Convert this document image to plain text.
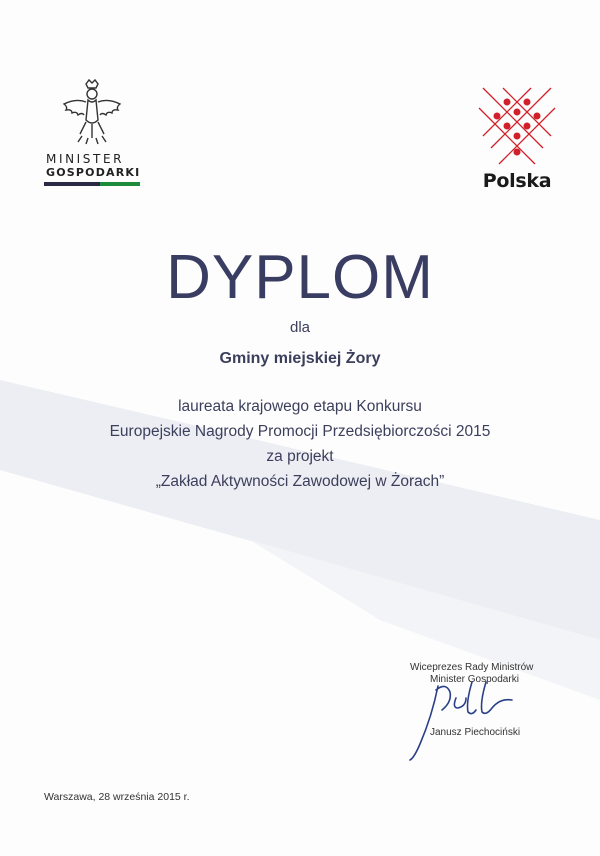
MINISTER
GOSPODARKI	Polska
DYPLOM
dla
Gminy miejskiej Żory
laureata krajowego etapu Konkursu
Europejskie Nagrody Promocji Przedsiębiorczości 2015
za projekt
„Zakład Aktywności Zawodowej w Żorach”
Wiceprezes Rady Ministrów
Minister Gospodarki
Janusz Piechociński
Warszawa, 28 września 2015 r.
